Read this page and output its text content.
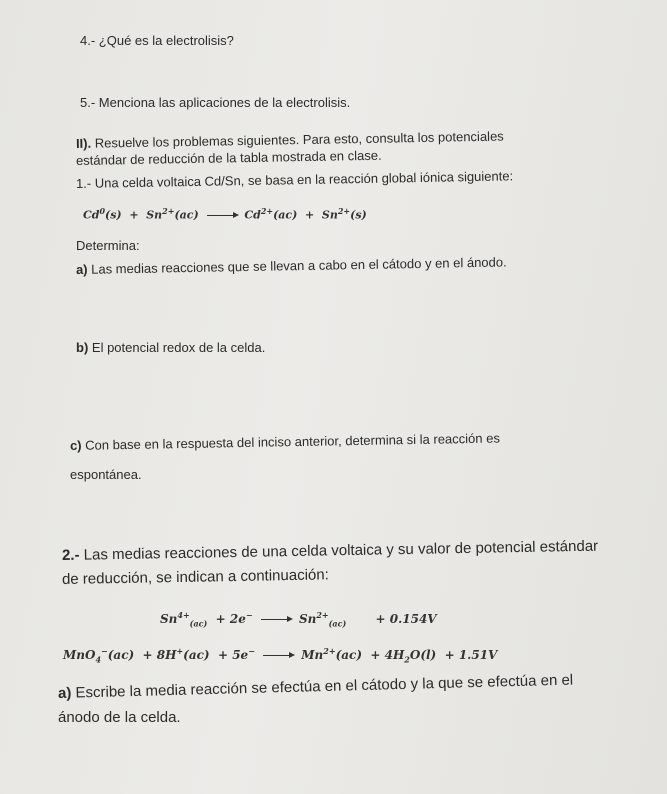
4.- ¿Qué es la electrolisis?
5.- Menciona las aplicaciones de la electrolisis.
II). Resuelve los problemas siguientes. Para esto, consulta los potenciales
estándar de reducción de la tabla mostrada en clase.
1.- Una celda voltaica Cd/Sn, se basa en la reacción global iónica siguiente:
$Cd^0(s) + Sn^{2+}(ac) \to Cd^{2+}(ac) + Sn^{2+}(s)$
Determina:
a) Las medias reacciones que se llevan a cabo en el cátodo y en el ánodo.
b) El potencial redox de la celda.
c) Con base en la respuesta del inciso anterior, determina si la reacción es
espontánea.
2.- Las medias reacciones de una celda voltaica y su valor de potencial estándar
de reducción, se indican a continuación:
$Sn^{4+}_{(ac)} + 2e^- \to Sn^{2+}_{(ac)} + 0.154V$
$MnO_4^-(ac) + 8H^+(ac) + 5e^- \to Mn^{2+}(ac) + 4H_2O(l) + 1.51V$
a) Escribe la media reacción se efectúa en el cátodo y la que se efectúa en el
ánodo de la celda.
